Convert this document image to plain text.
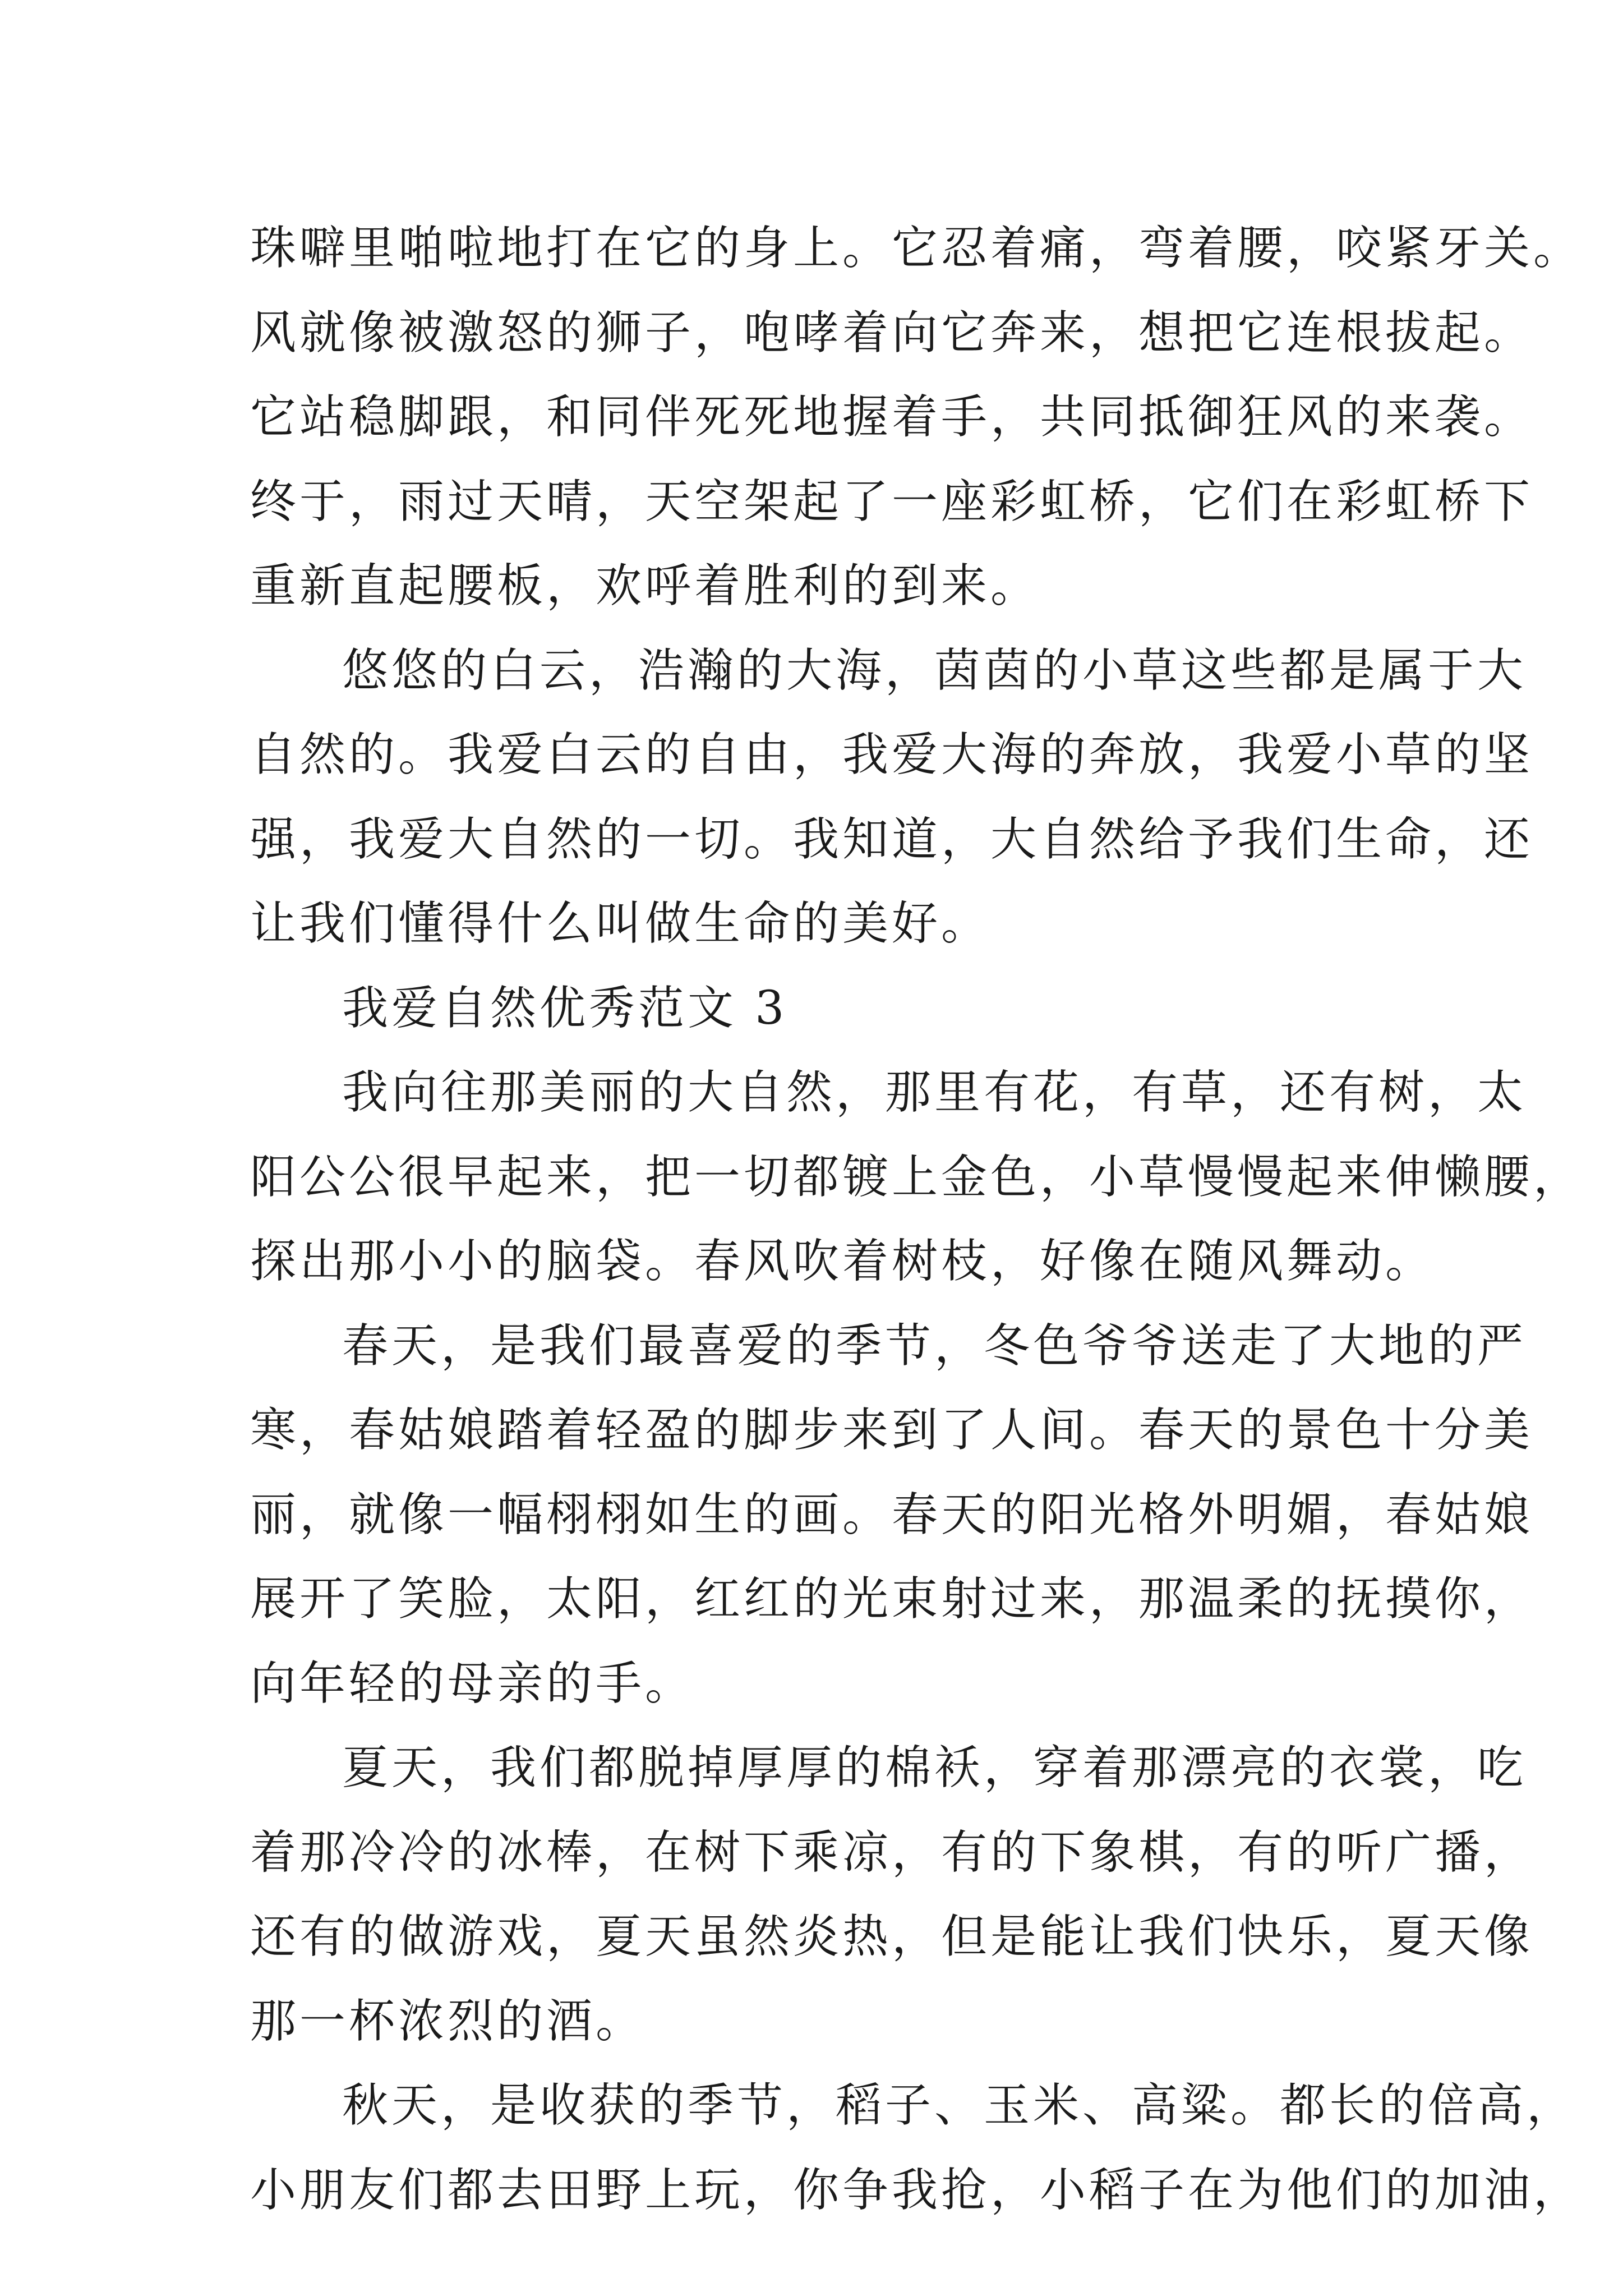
珠噼里啪啦地打在它的身上。它忍着痛，弯着腰，咬紧牙关。
风就像被激怒的狮子，咆哮着向它奔来，想把它连根拔起。
它站稳脚跟，和同伴死死地握着手，共同抵御狂风的来袭。
终于，雨过天晴，天空架起了一座彩虹桥，它们在彩虹桥下
重新直起腰板，欢呼着胜利的到来。
悠悠的白云，浩瀚的大海，茵茵的小草这些都是属于大
自然的。我爱白云的自由，我爱大海的奔放，我爱小草的坚
强，我爱大自然的一切。我知道，大自然给予我们生命，还
让我们懂得什么叫做生命的美好。
我爱自然优秀范文 3
我向往那美丽的大自然，那里有花，有草，还有树，太
阳公公很早起来，把一切都镀上金色，小草慢慢起来伸懒腰，
探出那小小的脑袋。春风吹着树枝，好像在随风舞动。
春天，是我们最喜爱的季节，冬色爷爷送走了大地的严
寒，春姑娘踏着轻盈的脚步来到了人间。春天的景色十分美
丽，就像一幅栩栩如生的画。春天的阳光格外明媚，春姑娘
展开了笑脸，太阳，红红的光束射过来，那温柔的抚摸你，
向年轻的母亲的手。
夏天，我们都脱掉厚厚的棉袄，穿着那漂亮的衣裳，吃
着那冷冷的冰棒，在树下乘凉，有的下象棋，有的听广播，
还有的做游戏，夏天虽然炎热，但是能让我们快乐，夏天像
那一杯浓烈的酒。
秋天，是收获的季节，稻子、玉米、高粱。都长的倍高，
小朋友们都去田野上玩，你争我抢，小稻子在为他们的加油，
